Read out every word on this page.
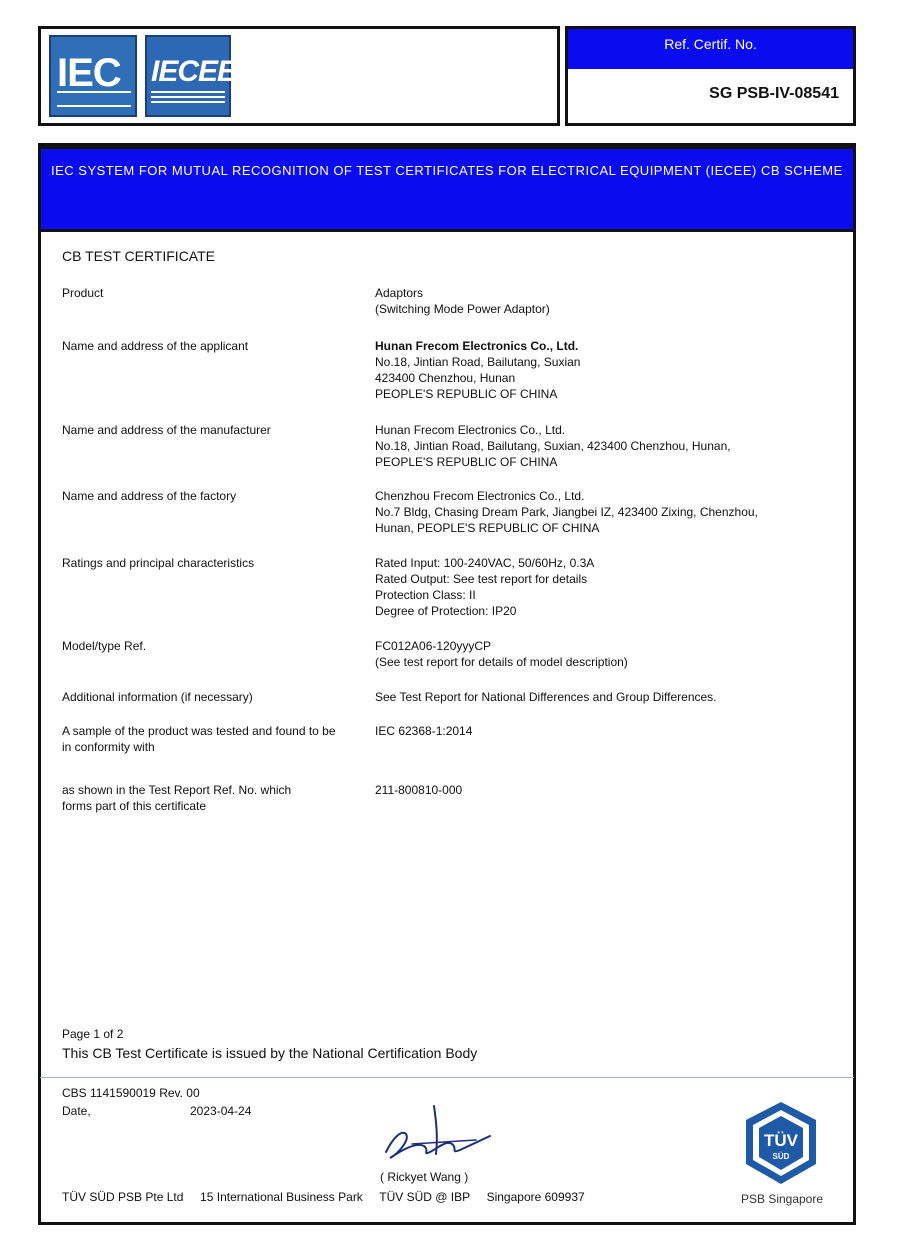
IEC IECEE
Ref. Certif. No.
SG PSB-IV-08541
IEC SYSTEM FOR MUTUAL RECOGNITION OF TEST CERTIFICATES FOR ELECTRICAL EQUIPMENT (IECEE) CB SCHEME
CB TEST CERTIFICATE
Product	Adaptors
(Switching Mode Power Adaptor)
Name and address of the applicant	Hunan Frecom Electronics Co., Ltd.
No.18, Jintian Road, Bailutang, Suxian
423400 Chenzhou, Hunan
PEOPLE'S REPUBLIC OF CHINA
Name and address of the manufacturer	Hunan Frecom Electronics Co., Ltd.
No.18, Jintian Road, Bailutang, Suxian, 423400 Chenzhou, Hunan,
PEOPLE'S REPUBLIC OF CHINA
Name and address of the factory	Chenzhou Frecom Electronics Co., Ltd.
No.7 Bldg, Chasing Dream Park, Jiangbei IZ, 423400 Zixing, Chenzhou,
Hunan, PEOPLE'S REPUBLIC OF CHINA
Ratings and principal characteristics	Rated Input: 100-240VAC, 50/60Hz, 0.3A
Rated Output: See test report for details
Protection Class: II
Degree of Protection: IP20
Model/type Ref.	FC012A06-120yyyCP
(See test report for details of model description)
Additional information (if necessary)	See Test Report for National Differences and Group Differences.
A sample of the product was tested and found to be in conformity with
IEC 62368-1:2014
as shown in the Test Report Ref. No. which forms part of this certificate
211-800810-000
Page 1 of 2
This CB Test Certificate is issued by the National Certification Body
CBS 1141590019 Rev. 00
Date,	2023-04-24
( Rickyet Wang )
TÜV SÜD PSB Pte Ltd     15 International Business Park     TÜV SÜD @ IBP     Singapore 609937
TÜV
SÜD
PSB Singapore
